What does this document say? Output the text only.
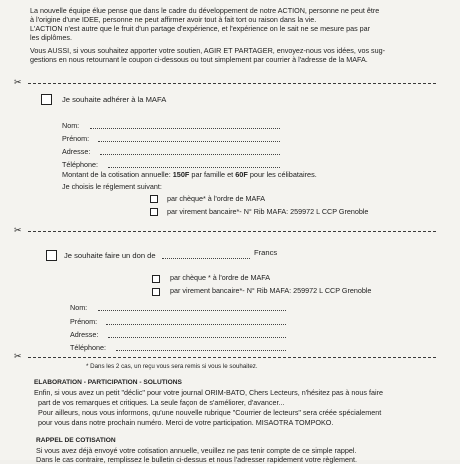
La nouvelle équipe élue pense que dans le cadre du développement de notre ACTION, personne ne peut être
à l'origine d'une IDEE, personne ne peut affirmer avoir tout à fait tort ou raison dans la vie.
L'ACTION n'est autre que le fruit d'un partage d'expérience, et l'expérience on le sait ne se mesure pas par
les diplômes.
Vous AUSSI, si vous souhaitez apporter votre soutien, AGIR ET PARTAGER, envoyez-nous vos idées, vos sug-
gestions en nous retournant le coupon ci-dessous ou tout simplement par courrier à l'adresse de la MAFA.
✂
Je souhaite adhérer à la MAFA
Nom:
Prénom:
Adresse:
Téléphone:
Montant de la cotisation annuelle: 150F par famille et 60F pour les célibataires.
Je choisis le réglement suivant:
par chèque* à l'ordre de MAFA
par virement bancaire*- N° Rib MAFA: 259972 L CCP Grenoble
✂
Je souhaite faire un don de	Francs
par chèque * à l'ordre de MAFA
par virement bancaire*- N° Rib MAFA: 259972 L CCP Grenoble
Nom:
Prénom:
Adresse:
Téléphone:
✂
* Dans les 2 cas, un reçu vous sera remis si vous le souhaitez.
ELABORATION - PARTICIPATION - SOLUTIONS
Enfin, si vous avez un petit "déclic" pour votre journal ORIM-BATO, Chers Lecteurs, n'hésitez pas à nous faire
part de vos remarques et critiques. La seule façon de s'améliorer, d'avancer...
Pour ailleurs, nous vous informons, qu'une nouvelle rubrique "Courrier de lecteurs" sera créée spécialement
pour vous dans notre prochain numéro. Merci de votre participation. MISAOTRA TOMPOKO.
RAPPEL DE COTISATION
Si vous avez déjà envoyé votre cotisation annuelle, veuillez ne pas tenir compte de ce simple rappel.
Dans le cas contraire, remplissez le bulletin ci-dessus et nous l'adresser rapidement votre règlement.
